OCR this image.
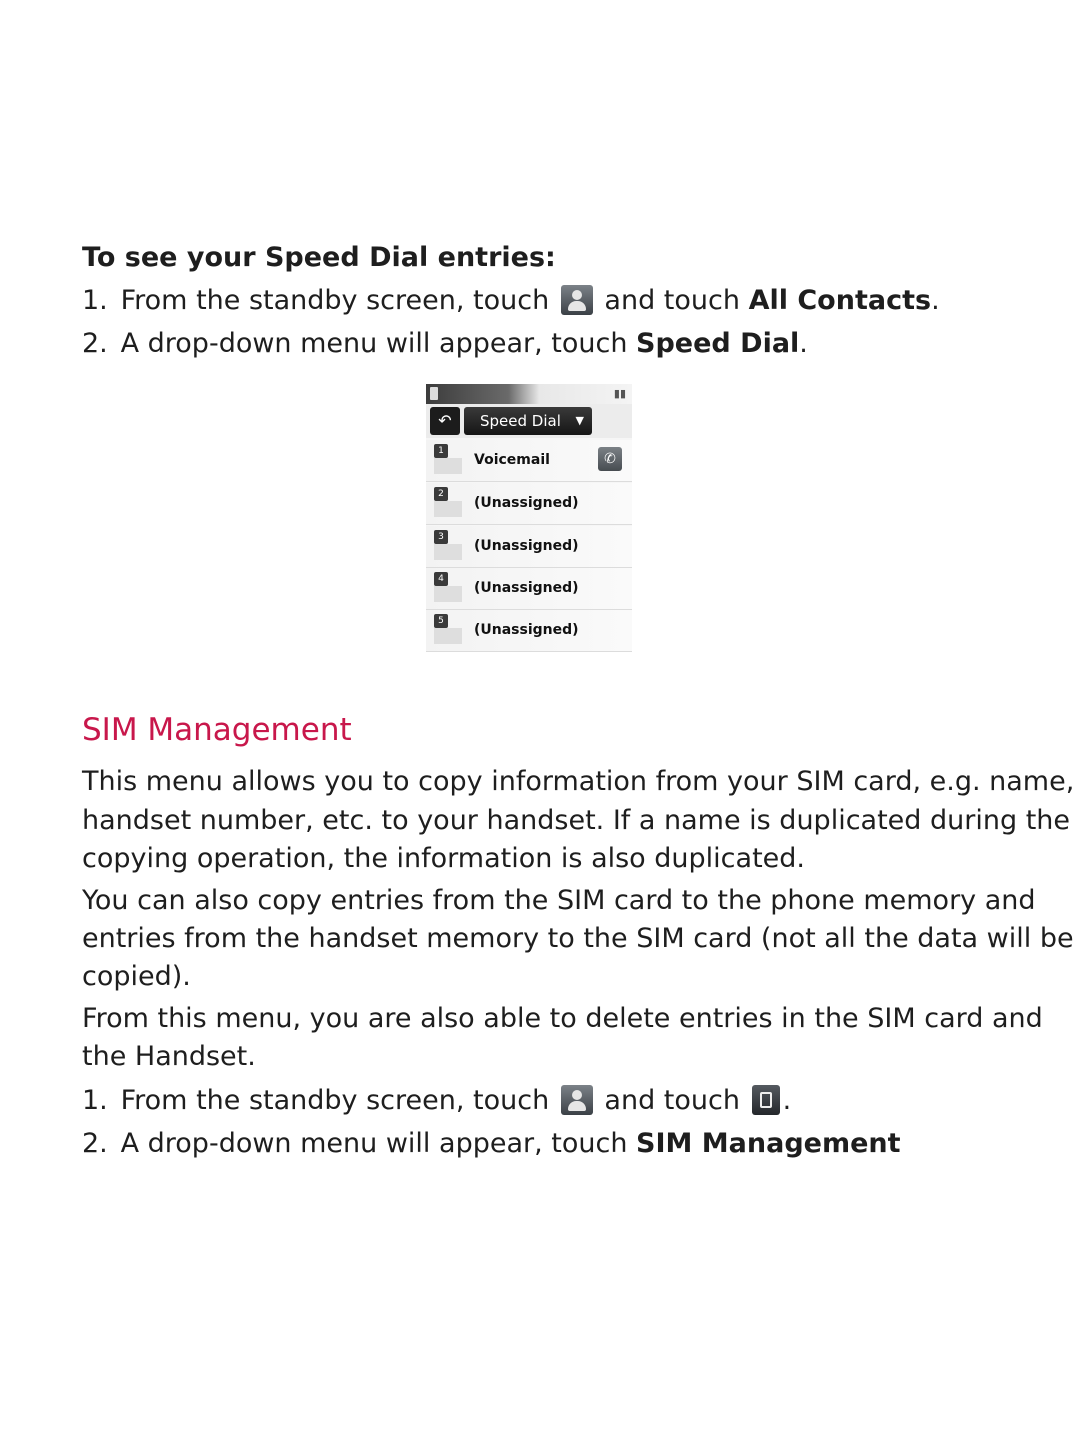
To see your Speed Dial entries:
1. From the standby screen, touch and touch All Contacts.
2. A drop-down menu will appear, touch Speed Dial.
▮▮
↶	Speed Dial ▼
1
Voicemail	✆
2
(Unassigned)
3
(Unassigned)
4
(Unassigned)
5
(Unassigned)
SIM Management
This menu allows you to copy information from your SIM card, e.g. name,
handset number, etc. to your handset. If a name is duplicated during the
copying operation, the information is also duplicated.
You can also copy entries from the SIM card to the phone memory and
entries from the handset memory to the SIM card (not all the data will be
copied).
From this menu, you are also able to delete entries in the SIM card and
the Handset.
1. From the standby screen, touch and touch .
2. A drop-down menu will appear, touch SIM Management
